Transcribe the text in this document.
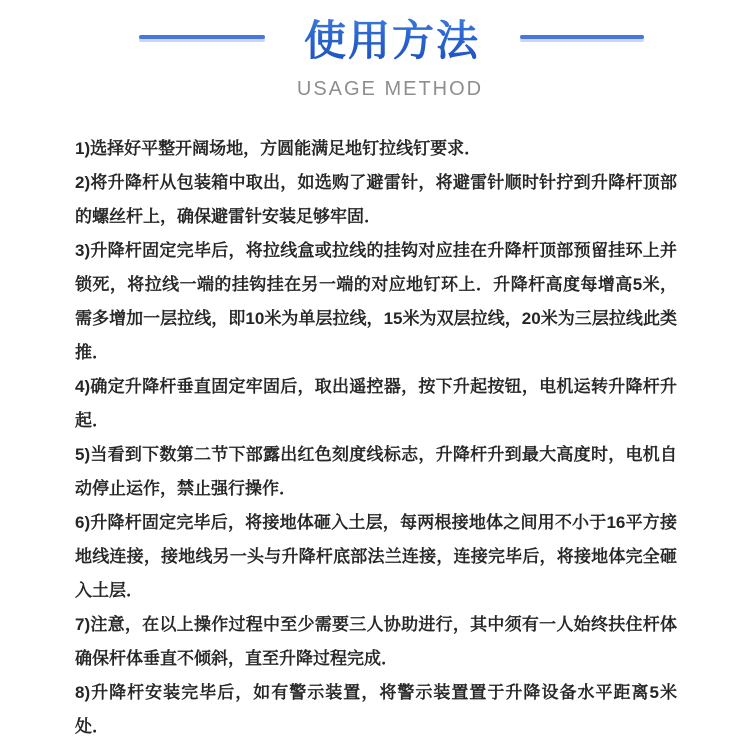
使用方法
USAGE METHOD

1)选择好平整开阔场地，方圆能满足地钉拉线钉要求．

2)将升降杆从包装箱中取出，如选购了避雷针，将避雷针顺时针拧到升降杆顶部的螺丝杆上，确保避雷针安装足够牢固．

3)升降杆固定完毕后，将拉线盒或拉线的挂钩对应挂在升降杆顶部预留挂环上并锁死，将拉线一端的挂钩挂在另一端的对应地钉环上．升降杆高度每增高5米，需多增加一层拉线，即10米为单层拉线，15米为双层拉线，20米为三层拉线此类推．

4)确定升降杆垂直固定牢固后，取出遥控器，按下升起按钮，电机运转升降杆升起．

5)当看到下数第二节下部露出红色刻度线标志，升降杆升到最大高度时，电机自动停止运作，禁止强行操作．

6)升降杆固定完毕后，将接地体砸入土层，每两根接地体之间用不小于16平方接地线连接，接地线另一头与升降杆底部法兰连接，连接完毕后，将接地体完全砸入土层．

7)注意，在以上操作过程中至少需要三人协助进行，其中须有一人始终扶住杆体确保杆体垂直不倾斜，直至升降过程完成．

8)升降杆安装完毕后，如有警示装置，将警示装置置于升降设备水平距离5米处．
